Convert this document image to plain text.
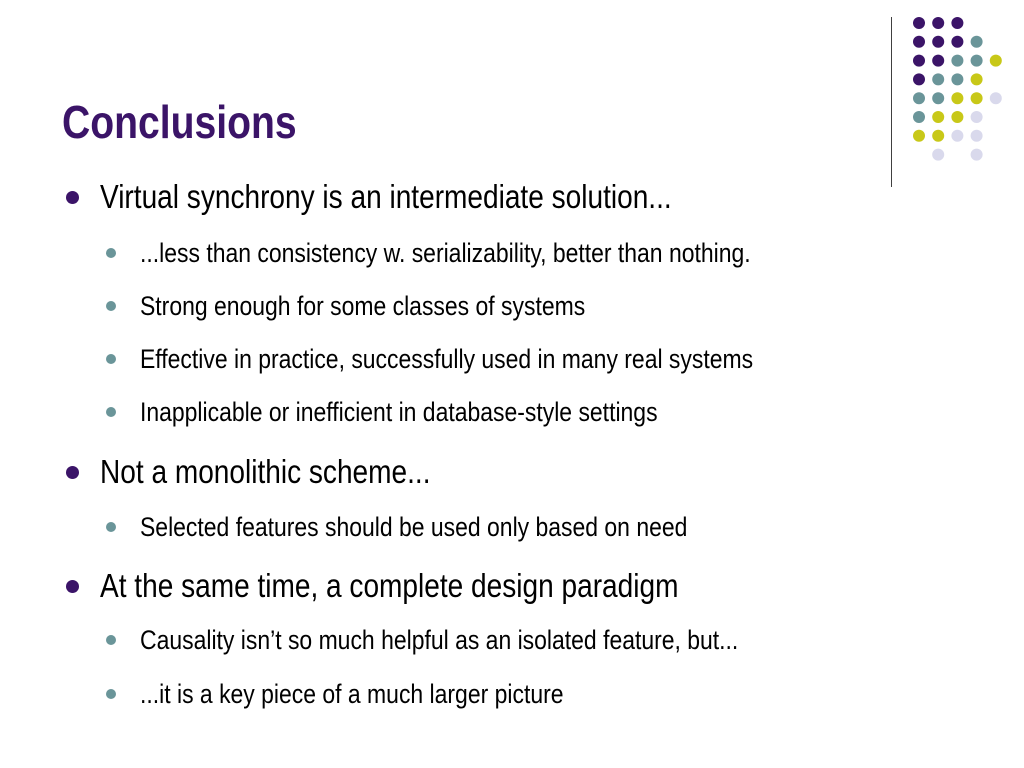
Conclusions
Virtual synchrony is an intermediate solution...
...less than consistency w. serializability, better than nothing.
Strong enough for some classes of systems
Effective in practice, successfully used in many real systems
Inapplicable or inefficient in database-style settings
Not a monolithic scheme...
Selected features should be used only based on need
At the same time, a complete design paradigm
Causality isn’t so much helpful as an isolated feature, but...
...it is a key piece of a much larger picture
